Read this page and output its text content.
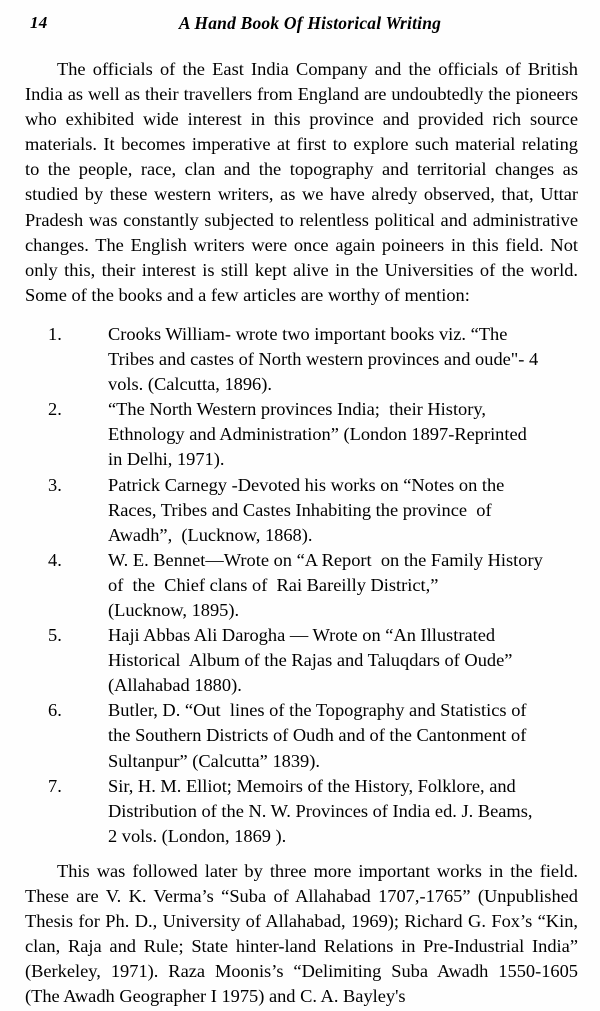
14	A Hand Book Of Historical Writing

The officials of the East India Company and the officials of British India as well as their travellers from England are undoubtedly the pioneers who exhibited wide interest in this province and provided rich source materials. It becomes imperative at first to explore such material relating to the people, race, clan and the topography and territorial changes as studied by these western writers, as we have alredy observed, that, Uttar Pradesh was constantly subjected to relentless political and administrative changes. The English writers were once again poineers in this field. Not only this, their interest is still kept alive in the Universities of the world. Some of the books and a few articles are worthy of mention:

1.	Crooks William- wrote two important books viz. “The
Tribes and castes of North western provinces and oude"- 4
vols. (Calcutta, 1896).
2.	“The North Western provinces India;  their History,
Ethnology and Administration” (London 1897-Reprinted
in Delhi, 1971).
3.	Patrick Carnegy -Devoted his works on “Notes on the
Races, Tribes and Castes Inhabiting the province  of
Awadh”,  (Lucknow, 1868).
4.	W. E. Bennet—Wrote on “A Report  on the Family History
of  the  Chief clans of  Rai Bareilly District,”
(Lucknow, 1895).
5.	Haji Abbas Ali Darogha — Wrote on “An Illustrated
Historical  Album of the Rajas and Taluqdars of Oude”
(Allahabad 1880).
6.	Butler, D. “Out  lines of the Topography and Statistics of
the Southern Districts of Oudh and of the Cantonment of
Sultanpur” (Calcutta” 1839).
7.	Sir, H. M. Elliot; Memoirs of the History, Folklore, and
Distribution of the N. W. Provinces of India ed. J. Beams,
2 vols. (London, 1869 ).

This was followed later by three more important works in the field. These are V. K. Verma’s “Suba of Allahabad 1707,-1765” (Unpublished Thesis for Ph. D., University of Allahabad, 1969); Richard G. Fox’s “Kin, clan, Raja and Rule; State hinter-land Relations in Pre-Industrial India” (Berkeley, 1971). Raza Moonis’s “Delimiting Suba Awadh 1550-1605 (The Awadh Geographer I 1975) and C. A. Bayley's
